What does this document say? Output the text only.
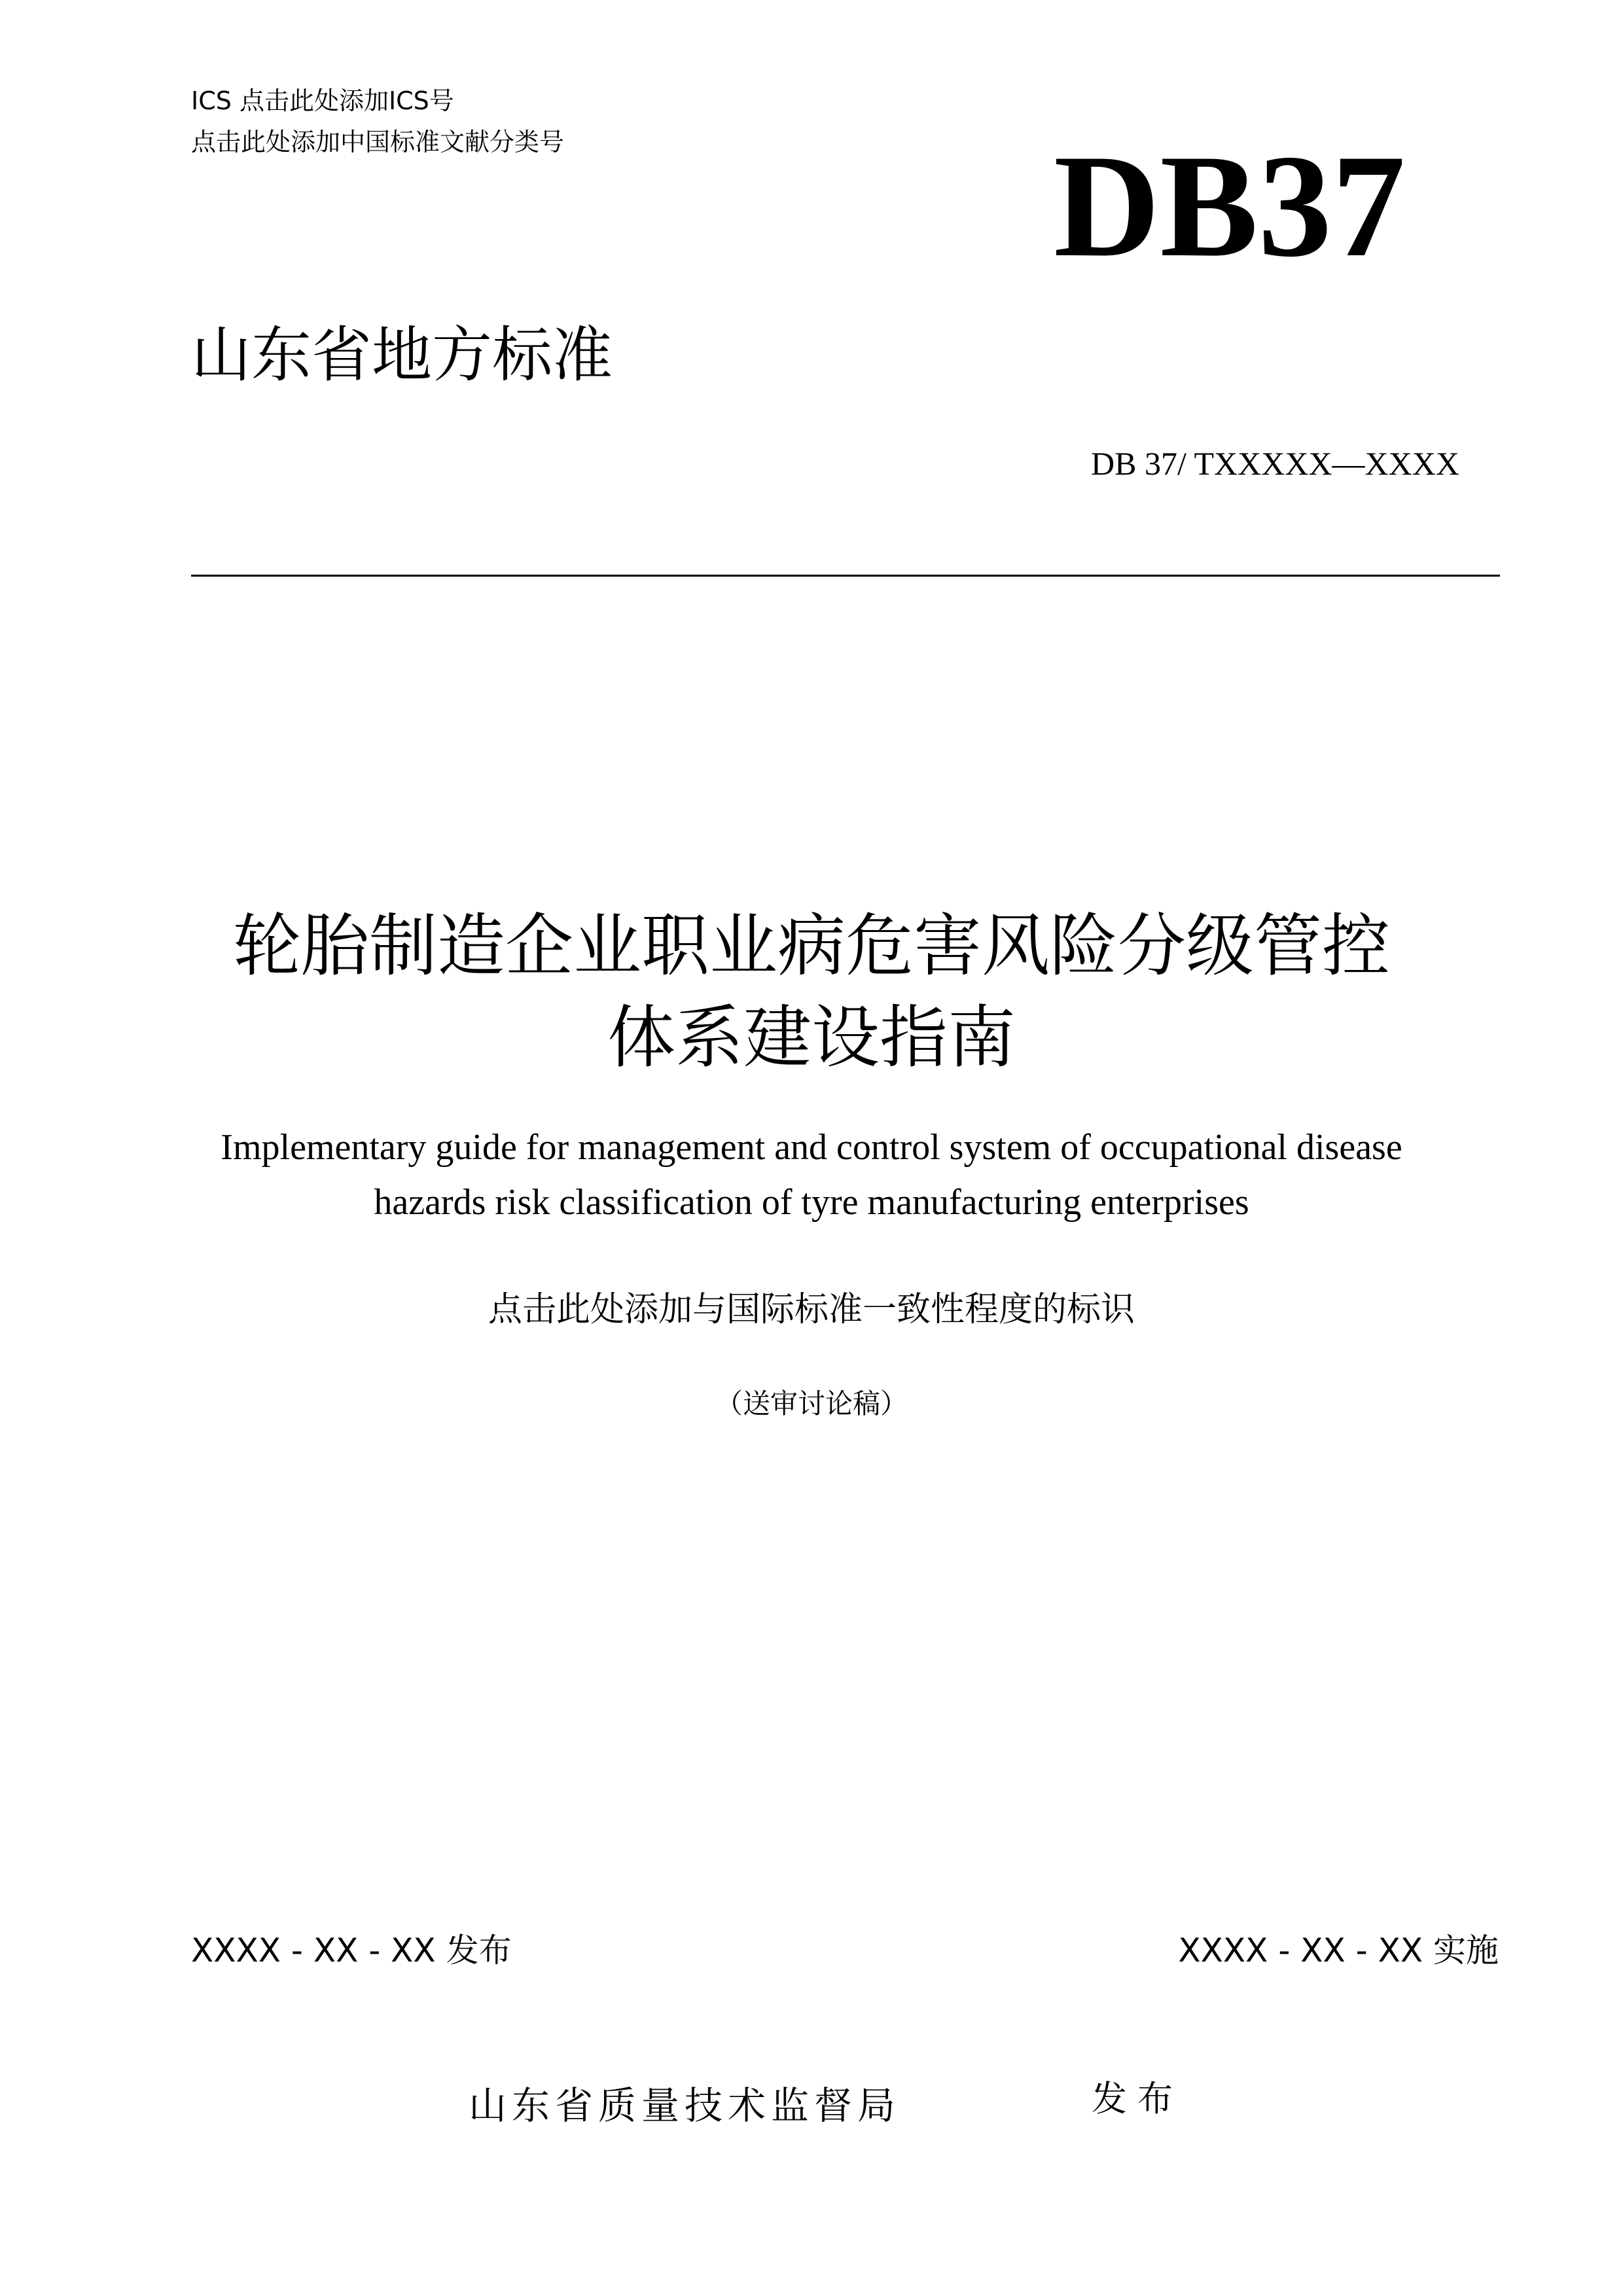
ICS 点击此处添加ICS号
点击此处添加中国标准文献分类号	DB37
山东省地方标准
DB 37/ TXXXXX—XXXX
轮胎制造企业职业病危害风险分级管控
体系建设指南
Implementary guide for management and control system of occupational disease
hazards risk classification of tyre manufacturing enterprises
点击此处添加与国际标准一致性程度的标识
（送审讨论稿）
XXXX - XX - XX 发布	XXXX - XX - XX 实施
山东省质量技术监督局	发布
